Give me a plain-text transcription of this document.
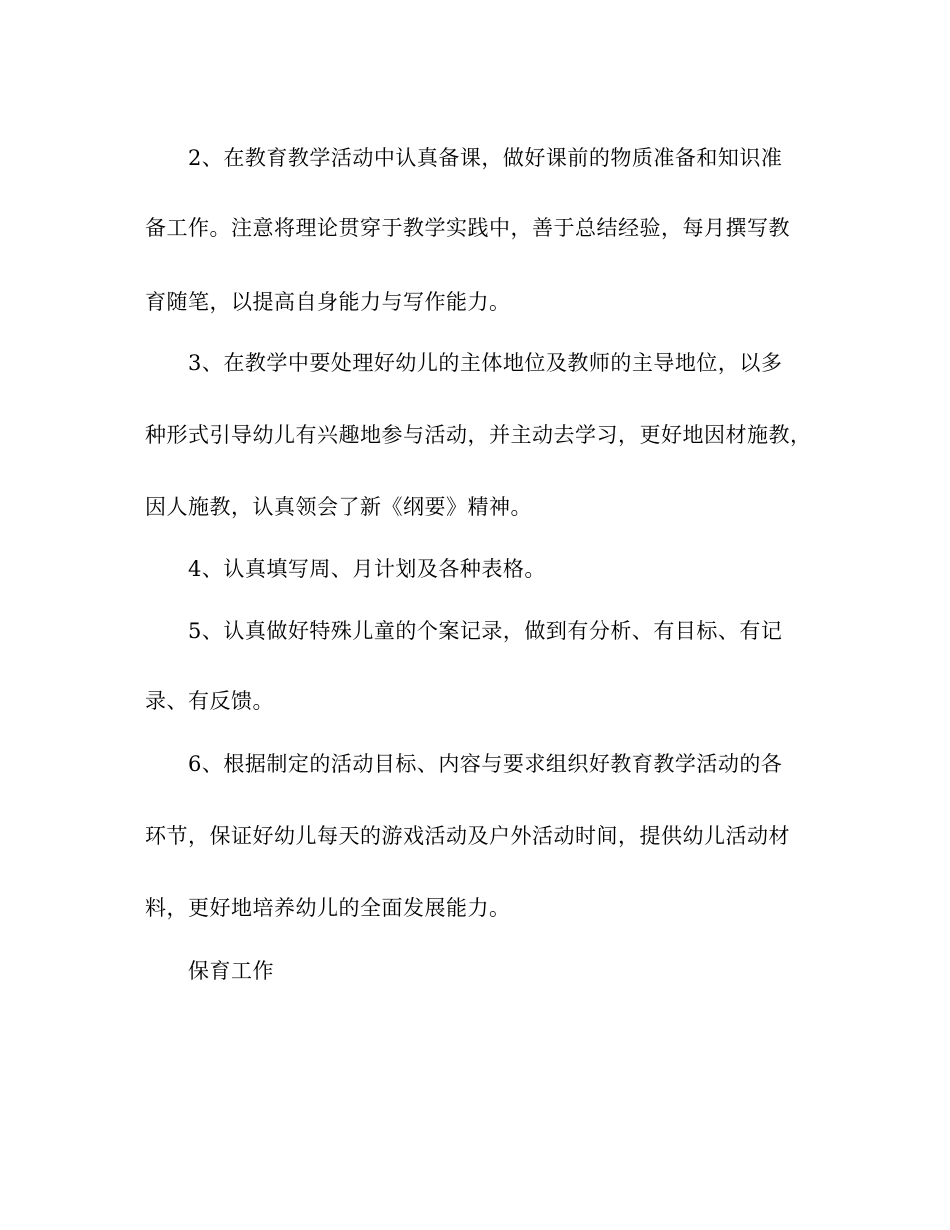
2、在教育教学活动中认真备课，做好课前的物质准备和知识准
备工作。注意将理论贯穿于教学实践中，善于总结经验，每月撰写教
育随笔，以提高自身能力与写作能力。
3、在教学中要处理好幼儿的主体地位及教师的主导地位，以多
种形式引导幼儿有兴趣地参与活动，并主动去学习，更好地因材施教，
因人施教，认真领会了新《纲要》精神。
4、认真填写周、月计划及各种表格。
5、认真做好特殊儿童的个案记录，做到有分析、有目标、有记
录、有反馈。
6、根据制定的活动目标、内容与要求组织好教育教学活动的各
环节，保证好幼儿每天的游戏活动及户外活动时间，提供幼儿活动材
料，更好地培养幼儿的全面发展能力。
保育工作
